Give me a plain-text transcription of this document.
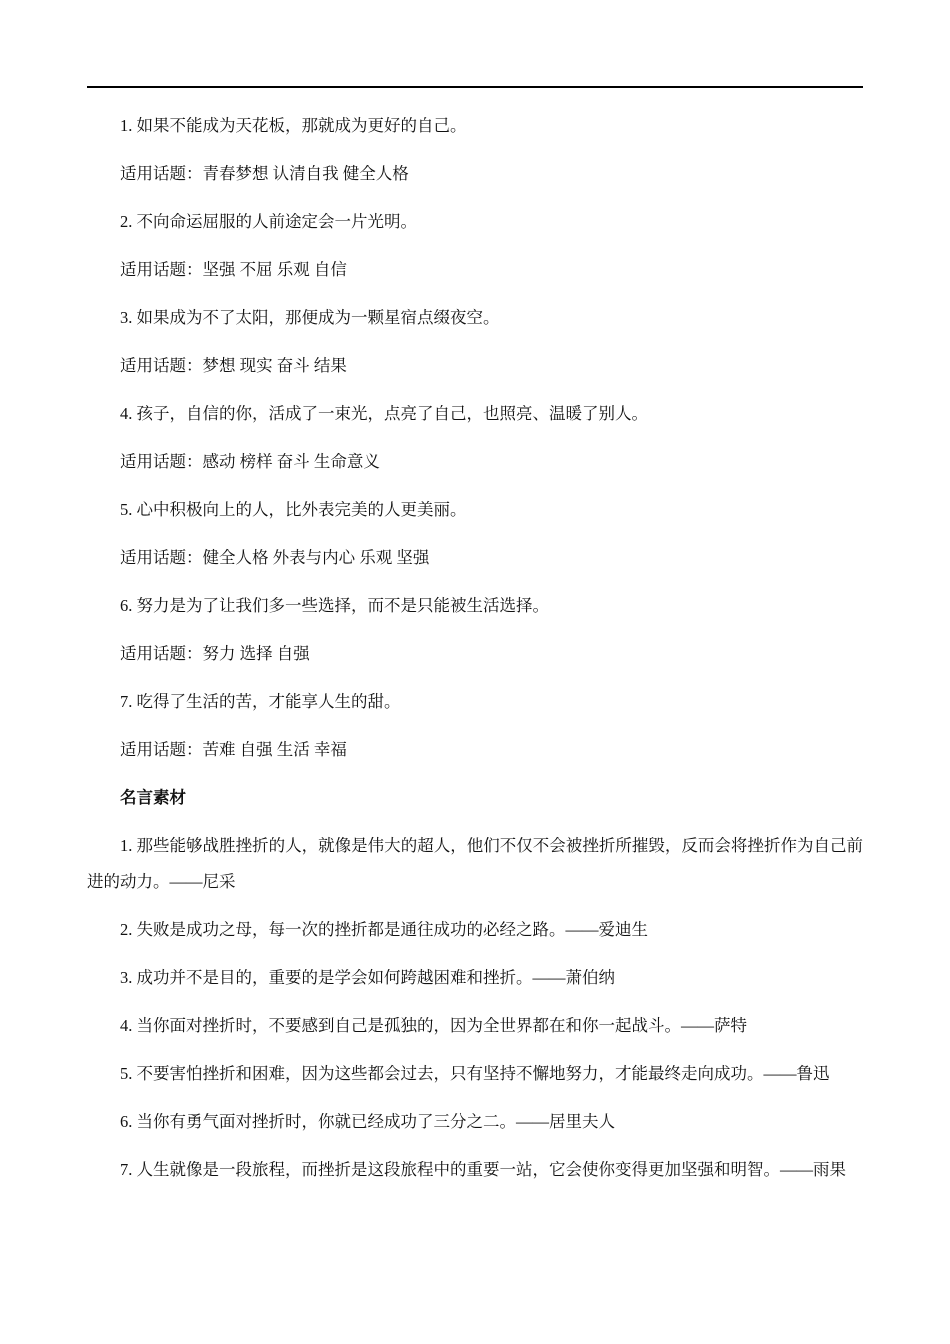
1. 如果不能成为天花板，那就成为更好的自己。

适用话题：青春梦想 认清自我 健全人格

2. 不向命运屈服的人前途定会一片光明。

适用话题：坚强 不屈 乐观 自信

3. 如果成为不了太阳，那便成为一颗星宿点缀夜空。

适用话题：梦想 现实 奋斗 结果

4. 孩子，自信的你，活成了一束光，点亮了自己，也照亮、温暖了别人。

适用话题：感动 榜样 奋斗 生命意义

5. 心中积极向上的人，比外表完美的人更美丽。

适用话题：健全人格 外表与内心 乐观 坚强

6. 努力是为了让我们多一些选择，而不是只能被生活选择。

适用话题：努力 选择 自强

7. 吃得了生活的苦，才能享人生的甜。

适用话题：苦难 自强 生活 幸福

名言素材

1. 那些能够战胜挫折的人，就像是伟大的超人，他们不仅不会被挫折所摧毁，反而会将挫折作为自己前进的动力。——尼采

2. 失败是成功之母，每一次的挫折都是通往成功的必经之路。——爱迪生

3. 成功并不是目的，重要的是学会如何跨越困难和挫折。——萧伯纳

4. 当你面对挫折时，不要感到自己是孤独的，因为全世界都在和你一起战斗。——萨特

5. 不要害怕挫折和困难，因为这些都会过去，只有坚持不懈地努力，才能最终走向成功。——鲁迅

6. 当你有勇气面对挫折时，你就已经成功了三分之二。——居里夫人

7. 人生就像是一段旅程，而挫折是这段旅程中的重要一站，它会使你变得更加坚强和明智。——雨果
